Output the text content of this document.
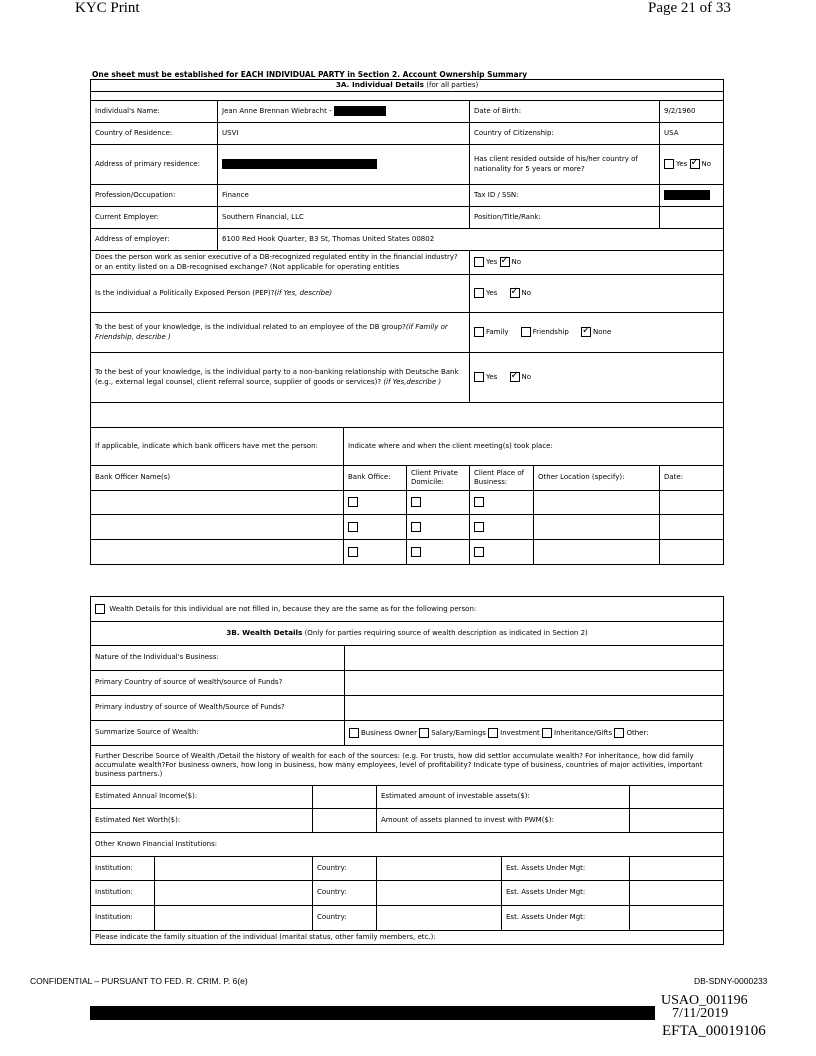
KYC Print	Page 21 of 33
One sheet must be established for EACH INDIVIDUAL PARTY in Section 2. Account Ownership Summary
3A. Individual Details (for all parties)						

Individual's Name:	Jean Anne Brennan Wiebracht -			Date of Birth:		9/2/1960
Country of Residence:	USVI			Country of Citizenship:		USA
Address of primary residence:				Has client resided outside of his/her country of nationality for 5 years or more?		Yes ✓ No
Profession/Occupation:	Finance			Tax ID / SSN:		
Current Employer:	Southern Financial, LLC			Position/Title/Rank:		
Address of employer:	6100 Red Hook Quarter, B3 St, Thomas United States 00802					
Does the person work as senior executive of a DB-recognized regulated entity in the financial industry? or an entity listed on a DB-recognised exchange? (Not applicable for operating entities				Yes ✓ No
Is the individual a Politically Exposed Person (PEP)?(if Yes, describe)				Yes ✓ No
To the best of your knowledge, is the individual related to an employee of the DB group?(if Family or Friendship, describe )				Family Friendship ✓ None
To the best of your knowledge, is the individual party to a non-banking relationship with Deutsche Bank (e.g., external legal counsel, client referral source, supplier of goods or services)? (if Yes,describe )				Yes ✓ No

If applicable, indicate which bank officers have met the person:		Indicate where and when the client meeting(s) took place:				
Bank Officer Name(s)		Bank Office:	Client Private Domicile:	Client Place of Business:	Other Location (specify):	Date:

Wealth Details for this individual are not filled in, because they are the same as for the following person:						
3B. Wealth Details (Only for parties requiring source of wealth description as indicated in Section 2)						
Nature of the Individual's Business:						
Primary Country of source of wealth/source of Funds?						
Primary industry of source of Wealth/Source of Funds?						
Summarize Source of Wealth:			Business Owner Salary/Earnings Investment Inheritance/Gifts Other:			
Further Describe Source of Wealth /Detail the history of wealth for each of the sources: (e.g. For trusts, how did settlor accumulate wealth? For inheritance, how did family accumulate wealth?For business owners, how long in business, how many employees, level of profitability? Indicate type of business, countries of major activities, important business partners.)						
Estimated Annual Income($):				Estimated amount of investable assets($):		
Estimated Net Worth($):				Amount of assets planned to invest with PWM($):		
Other Known Financial Institutions:						
Institution:		Country:			Est. Assets Under Mgt:	
Institution:		Country:			Est. Assets Under Mgt:	
Institution:		Country:			Est. Assets Under Mgt:	
Please indicate the family situation of the individual (marital status, other family members, etc.):						
CONFIDENTIAL – PURSUANT TO FED. R. CRIM. P. 6(e)	DB-SDNY-0000233
USAO_001196
7/11/2019
EFTA_00019106
